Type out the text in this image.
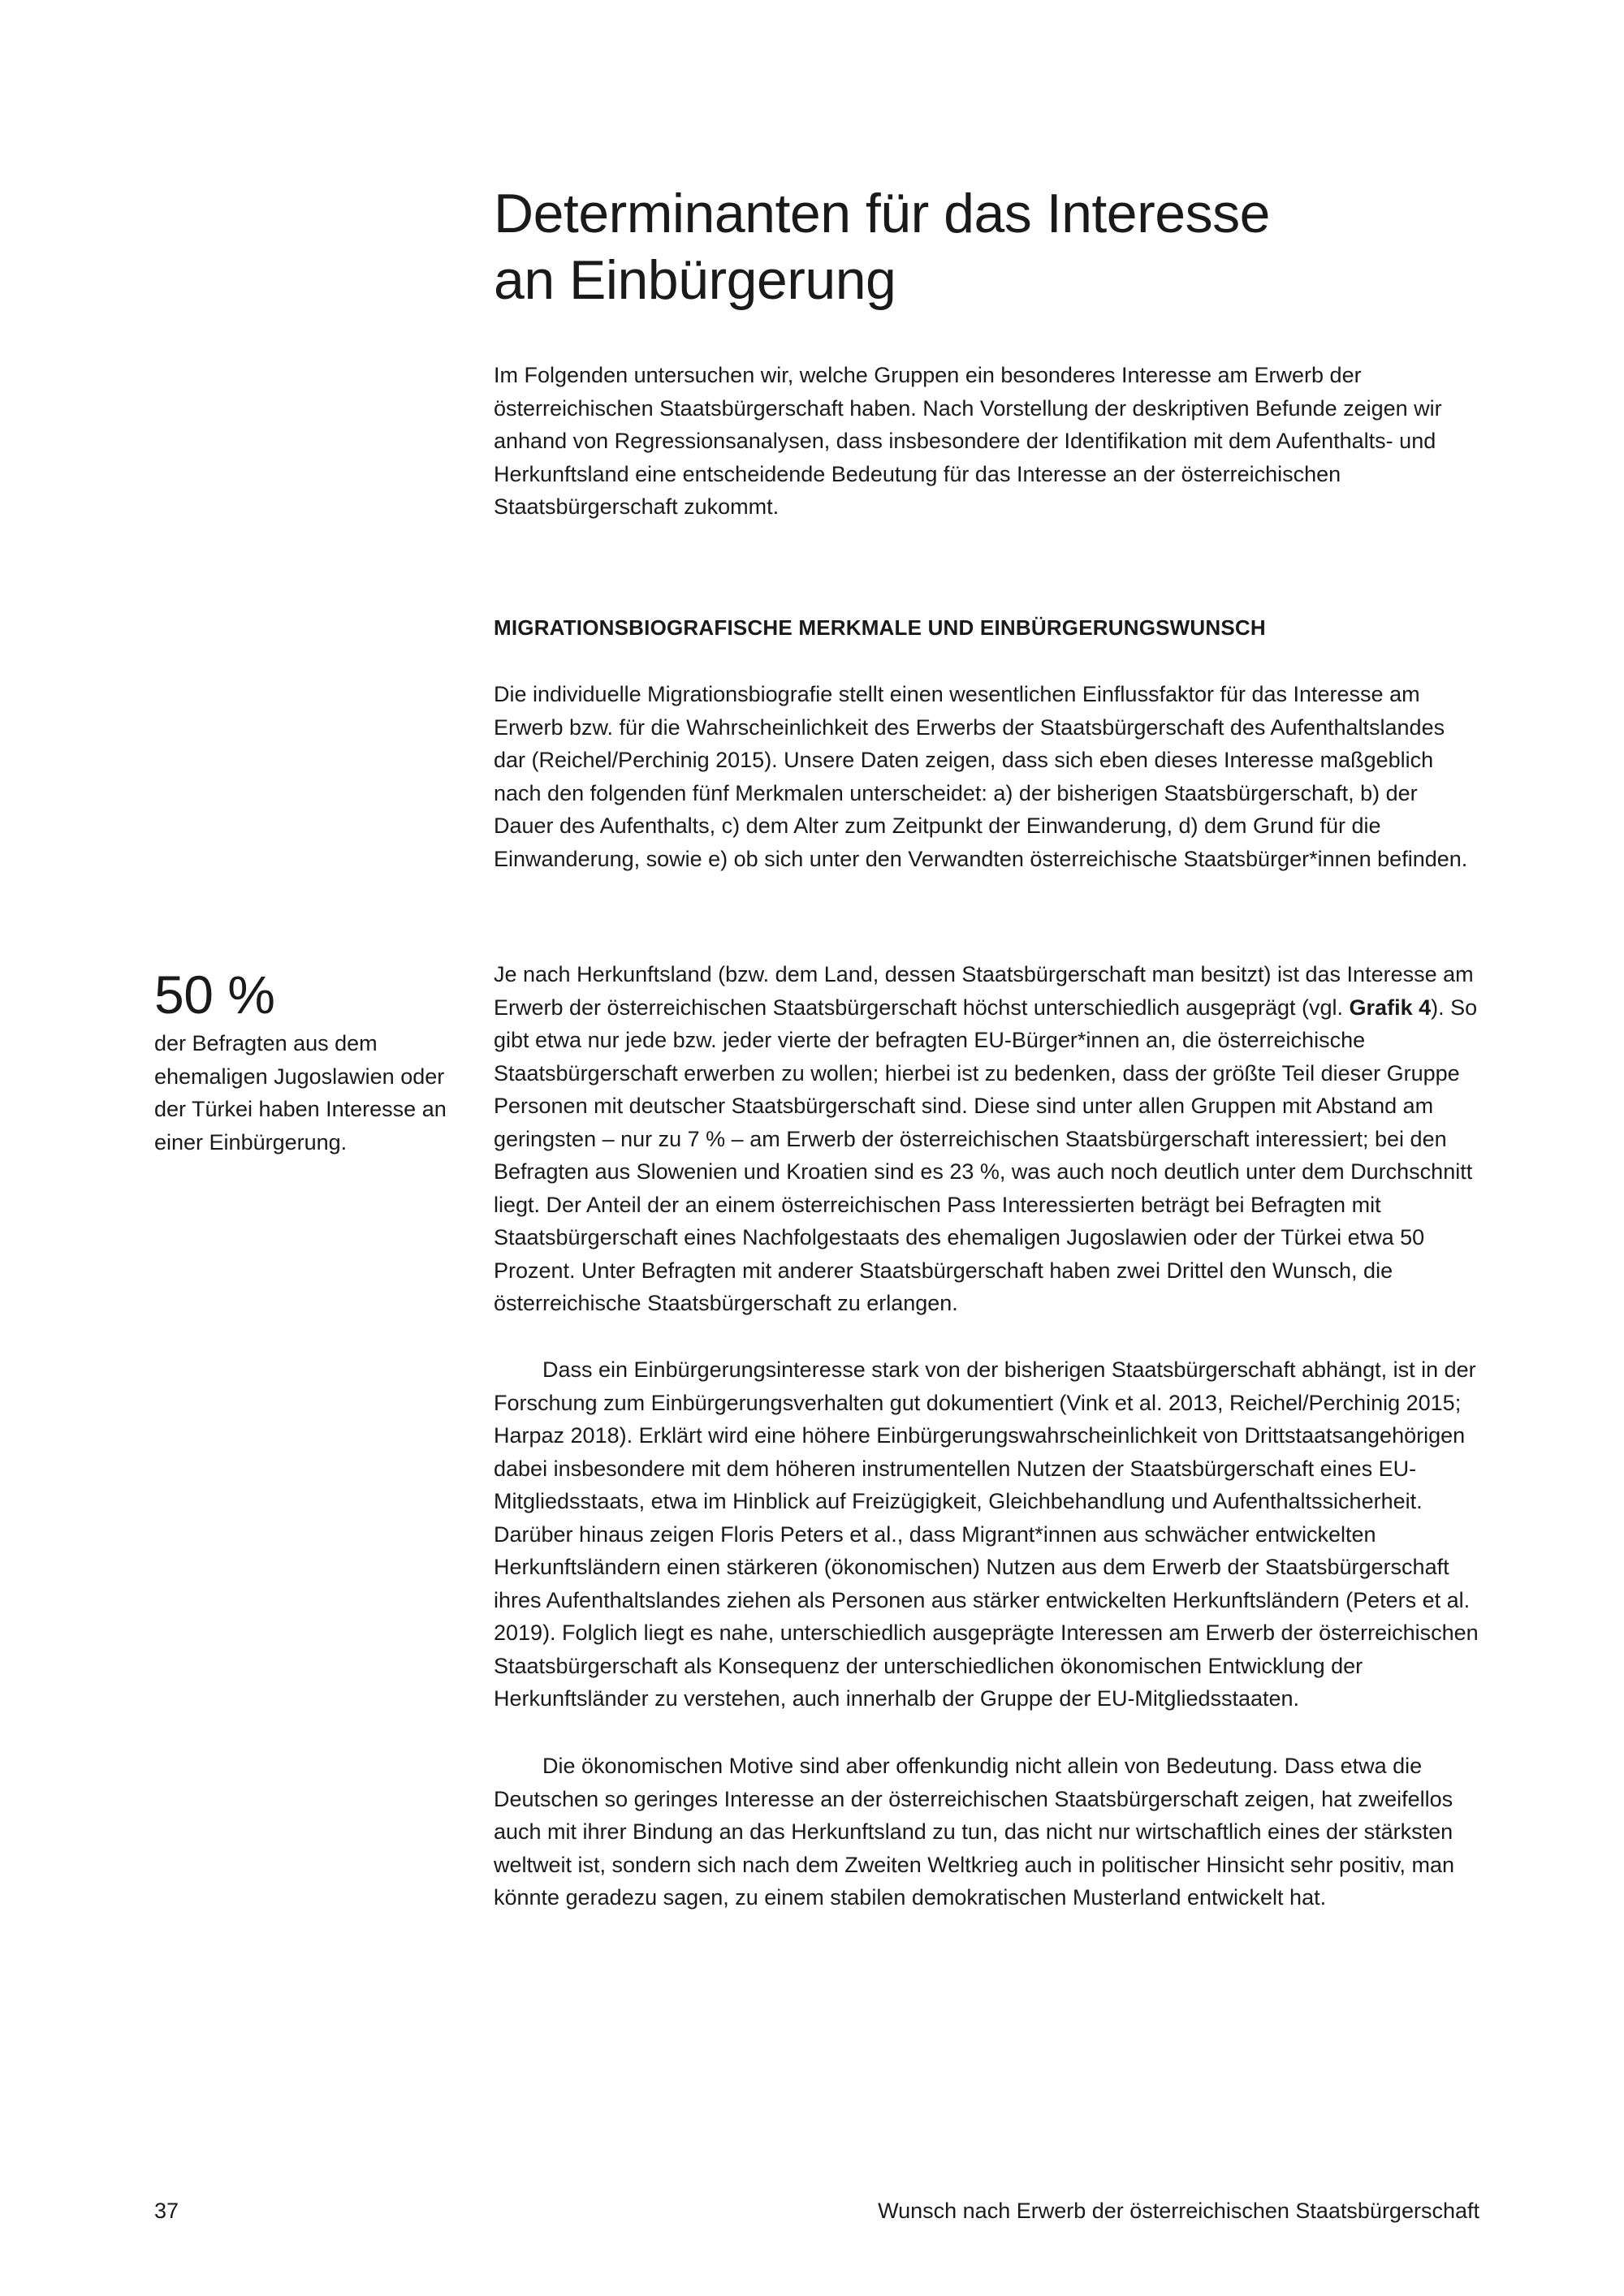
Determinanten für das Interesse
an Einbürgerung

Im Folgenden untersuchen wir, welche Gruppen ein besonderes Interesse am Erwerb der österreichischen Staatsbürgerschaft haben. Nach Vorstellung der deskriptiven Befunde zeigen wir anhand von Regressionsanalysen, dass insbesondere der Identifikation mit dem Aufenthalts- und Herkunftsland eine entscheidende Bedeutung für das Interesse an der österreichischen Staatsbürgerschaft zukommt.

MIGRATIONSBIOGRAFISCHE MERKMALE UND EINBÜRGERUNGSWUNSCH

Die individuelle Migrationsbiografie stellt einen wesentlichen Einflussfaktor für das Interesse am Erwerb bzw. für die Wahrscheinlichkeit des Erwerbs der Staatsbürgerschaft des Aufenthaltslandes dar (Reichel/Perchinig 2015). Unsere Daten zeigen, dass sich eben dieses Interesse maßgeblich nach den folgenden fünf Merkmalen unterscheidet: a) der bisherigen Staatsbürgerschaft, b) der Dauer des Aufenthalts, c) dem Alter zum Zeitpunkt der Einwanderung, d) dem Grund für die Einwanderung, sowie e) ob sich unter den Verwandten österreichische Staatsbürger*innen befinden.

50 %

der Befragten aus dem ehemaligen Jugoslawien oder der Türkei haben Interesse an einer Einbürgerung.

Je nach Herkunftsland (bzw. dem Land, dessen Staatsbürgerschaft man besitzt) ist das Interesse am Erwerb der österreichischen Staatsbürgerschaft höchst unterschiedlich ausgeprägt (vgl. Grafik 4). So gibt etwa nur jede bzw. jeder vierte der befragten EU-Bürger*innen an, die österreichische Staatsbürgerschaft erwerben zu wollen; hierbei ist zu bedenken, dass der größte Teil dieser Gruppe Personen mit deutscher Staatsbürgerschaft sind. Diese sind unter allen Gruppen mit Abstand am geringsten – nur zu 7 % – am Erwerb der österreichischen Staatsbürgerschaft interessiert; bei den Befragten aus Slowenien und Kroatien sind es 23 %, was auch noch deutlich unter dem Durchschnitt liegt. Der Anteil der an einem österreichischen Pass Interessierten beträgt bei Befragten mit Staatsbürgerschaft eines Nachfolgestaats des ehemaligen Jugoslawien oder der Türkei etwa 50 Prozent. Unter Befragten mit anderer Staatsbürgerschaft haben zwei Drittel den Wunsch, die österreichische Staatsbürgerschaft zu erlangen.

Dass ein Einbürgerungsinteresse stark von der bisherigen Staatsbürgerschaft abhängt, ist in der Forschung zum Einbürgerungsverhalten gut dokumentiert (Vink et al. 2013, Reichel/Perchinig 2015; Harpaz 2018). Erklärt wird eine höhere Einbürgerungswahrscheinlichkeit von Drittstaatsangehörigen dabei insbesondere mit dem höheren instrumentellen Nutzen der Staatsbürgerschaft eines EU-Mitgliedsstaats, etwa im Hinblick auf Freizügigkeit, Gleichbehandlung und Aufenthaltssicherheit. Darüber hinaus zeigen Floris Peters et al., dass Migrant*innen aus schwächer entwickelten Herkunftsländern einen stärkeren (ökonomischen) Nutzen aus dem Erwerb der Staatsbürgerschaft ihres Aufenthaltslandes ziehen als Personen aus stärker entwickelten Herkunftsländern (Peters et al. 2019). Folglich liegt es nahe, unterschiedlich ausgeprägte Interessen am Erwerb der österreichischen Staatsbürgerschaft als Konsequenz der unterschiedlichen ökonomischen Entwicklung der Herkunftsländer zu verstehen, auch innerhalb der Gruppe der EU-Mitgliedsstaaten.

Die ökonomischen Motive sind aber offenkundig nicht allein von Bedeutung. Dass etwa die Deutschen so geringes Interesse an der österreichischen Staatsbürgerschaft zeigen, hat zweifellos auch mit ihrer Bindung an das Herkunftsland zu tun, das nicht nur wirtschaftlich eines der stärksten weltweit ist, sondern sich nach dem Zweiten Weltkrieg auch in politischer Hinsicht sehr positiv, man könnte geradezu sagen, zu einem stabilen demokratischen Musterland entwickelt hat.

37	Wunsch nach Erwerb der österreichischen Staatsbürgerschaft
